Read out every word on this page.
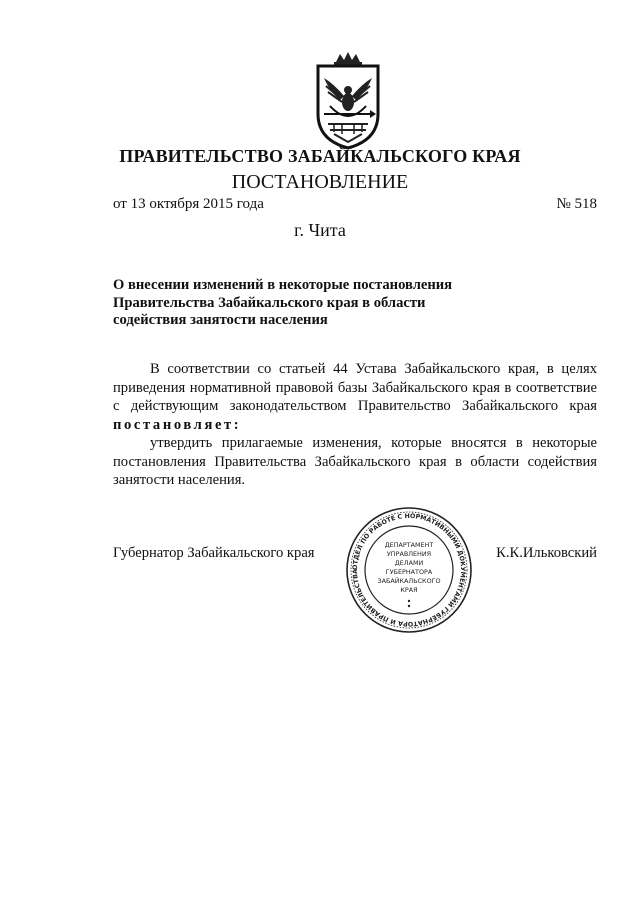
ПРАВИТЕЛЬСТВО ЗАБАЙКАЛЬСКОГО КРАЯ
ПОСТАНОВЛЕНИЕ
от 13 октября 2015 года	№ 518
г. Чита
О внесении изменений в некоторые постановления
Правительства Забайкальского края в области
содействия занятости населения
В соответствии со статьей 44 Устава Забайкальского края, в целях приведения нормативной правовой базы Забайкальского края в соответствие с действующим законодательством Правительство Забайкальского края постановляет:
утвердить прилагаемые изменения, которые вносятся в некоторые постановления Правительства Забайкальского края в области содействия занятости населения.
Губернатор Забайкальского края	К.К.Ильковский
ОТДЕЛ ПО РАБОТЕ С НОРМАТИВНЫМИ ДОКУМЕНТАМИ ГУБЕРНАТОРА И ПРАВИТЕЛЬСТВА
ДЕПАРТАМЕНТ
УПРАВЛЕНИЯ
ДЕЛАМИ
ГУБЕРНАТОРА
ЗАБАЙКАЛЬСКОГО
КРАЯ
